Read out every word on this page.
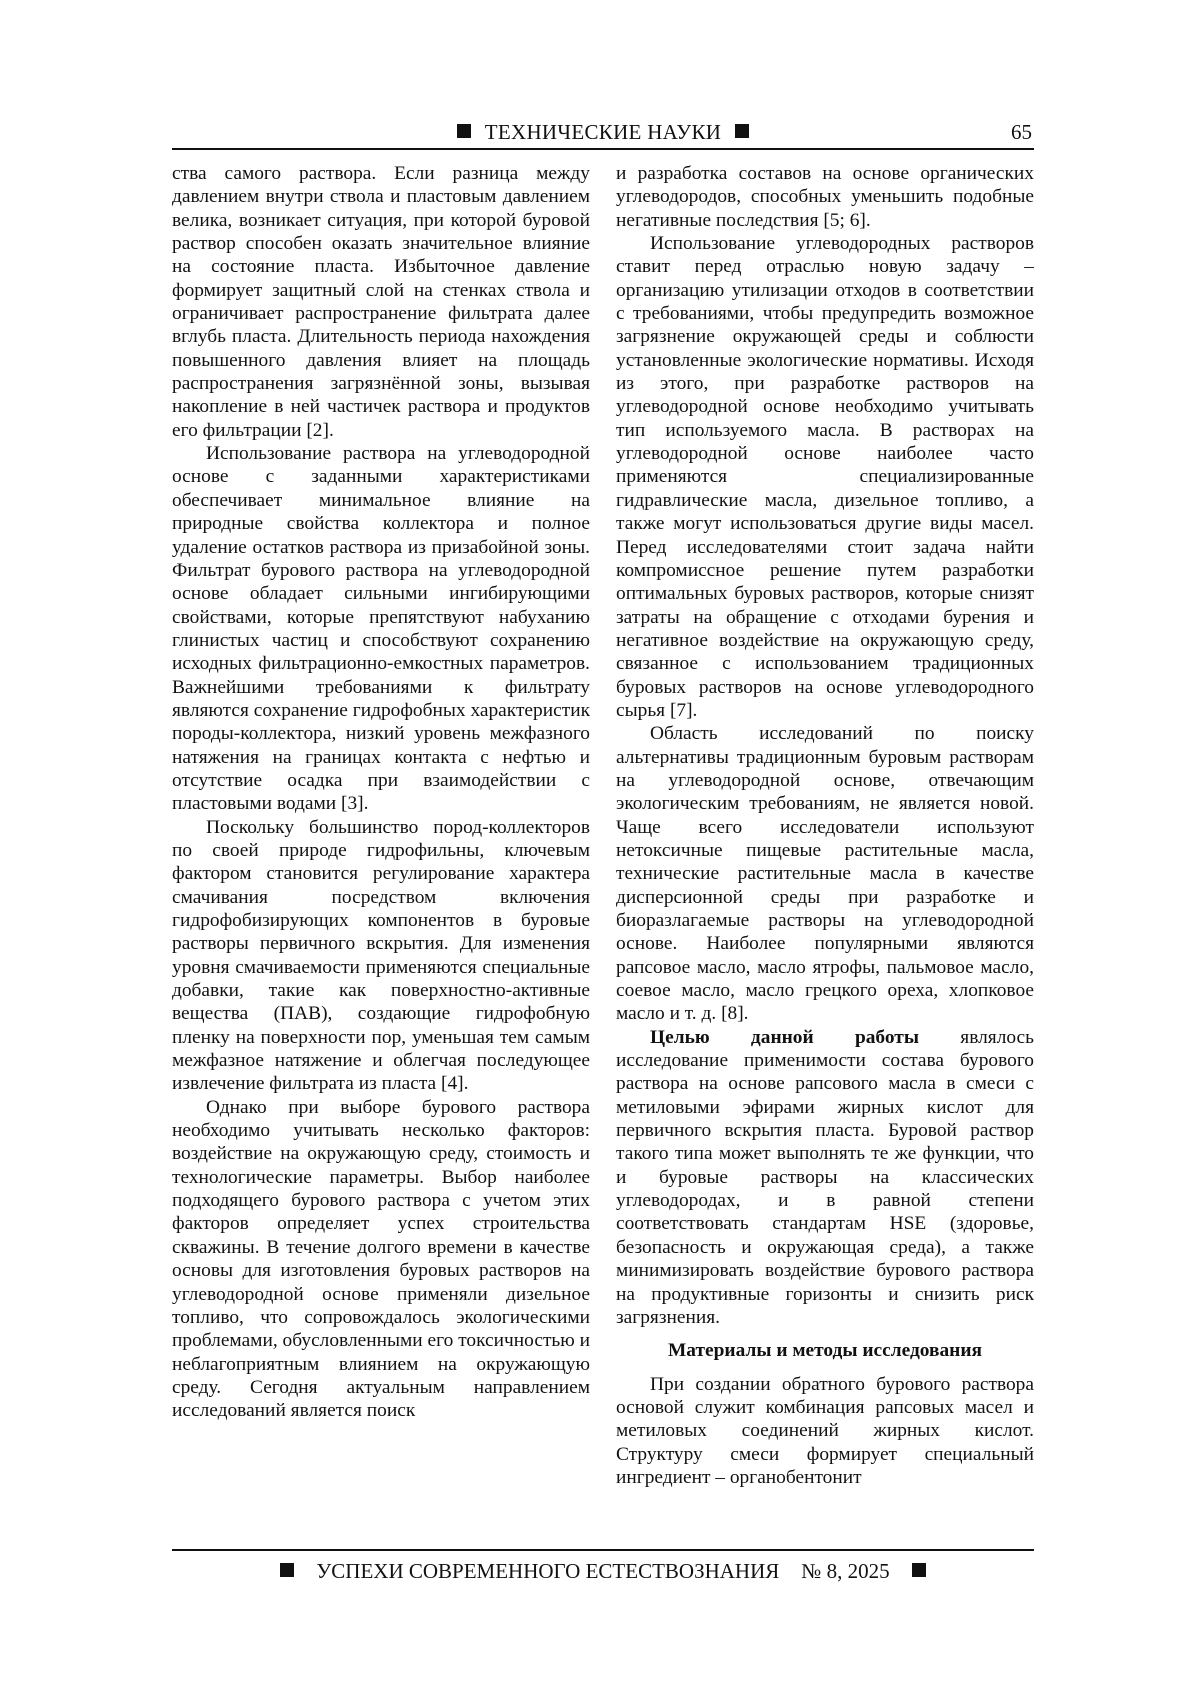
ТЕХНИЧЕСКИЕ НАУКИ	65

ства самого раствора. Если разница между давлением внутри ствола и пластовым давлением велика, возникает ситуация, при которой буровой раствор способен оказать значительное влияние на состояние пласта. Избыточное давление формирует защитный слой на стенках ствола и ограничивает распространение фильтрата далее вглубь пласта. Длительность периода нахождения повышенного давления влияет на площадь распространения загрязнённой зоны, вызывая накопление в ней частичек раствора и продуктов его фильтрации [2].

Использование раствора на углеводородной основе с заданными характеристиками обеспечивает минимальное влияние на природные свойства коллектора и полное удаление остатков раствора из призабойной зоны. Фильтрат бурового раствора на углеводородной основе обладает сильными ингибирующими свойствами, которые препятствуют набуханию глинистых частиц и способствуют сохранению исходных фильтрационно-емкостных параметров. Важнейшими требованиями к фильтрату являются сохранение гидрофобных характеристик породы-коллектора, низкий уровень межфазного натяжения на границах контакта с нефтью и отсутствие осадка при взаимодействии с пластовыми водами [3].

Поскольку большинство пород-коллекторов по своей природе гидрофильны, ключевым фактором становится регулирование характера смачивания посредством включения гидрофобизирующих компонентов в буровые растворы первичного вскрытия. Для изменения уровня смачиваемости применяются специальные добавки, такие как поверхностно-активные вещества (ПАВ), создающие гидрофобную пленку на поверхности пор, уменьшая тем самым межфазное натяжение и облегчая последующее извлечение фильтрата из пласта [4].

Однако при выборе бурового раствора необходимо учитывать несколько факторов: воздействие на окружающую среду, стоимость и технологические параметры. Выбор наиболее подходящего бурового раствора с учетом этих факторов определяет успех строительства скважины. В течение долгого времени в качестве основы для изготовления буровых растворов на углеводородной основе применяли дизельное топливо, что сопровождалось экологическими проблемами, обусловленными его токсичностью и неблагоприятным влиянием на окружающую среду. Сегодня актуальным направлением исследований является поиск

и разработка составов на основе органических углеводородов, способных уменьшить подобные негативные последствия [5; 6].

Использование углеводородных растворов ставит перед отраслью новую задачу – организацию утилизации отходов в соответствии с требованиями, чтобы предупредить возможное загрязнение окружающей среды и соблюсти установленные экологические нормативы. Исходя из этого, при разработке растворов на углеводородной основе необходимо учитывать тип используемого масла. В растворах на углеводородной основе наиболее часто применяются специализированные гидравлические масла, дизельное топливо, а также могут использоваться другие виды масел. Перед исследователями стоит задача найти компромиссное решение путем разработки оптимальных буровых растворов, которые снизят затраты на обращение с отходами бурения и негативное воздействие на окружающую среду, связанное с использованием традиционных буровых растворов на основе углеводородного сырья [7].

Область исследований по поиску альтернативы традиционным буровым растворам на углеводородной основе, отвечающим экологическим требованиям, не является новой. Чаще всего исследователи используют нетоксичные пищевые растительные масла, технические растительные масла в качестве дисперсионной среды при разработке и биоразлагаемые растворы на углеводородной основе. Наиболее популярными являются рапсовое масло, масло ятрофы, пальмовое масло, соевое масло, масло грецкого ореха, хлопковое масло и т. д. [8].

Целью данной работы являлось исследование применимости состава бурового раствора на основе рапсового масла в смеси с метиловыми эфирами жирных кислот для первичного вскрытия пласта. Буровой раствор такого типа может выполнять те же функции, что и буровые растворы на классических углеводородах, и в равной степени соответствовать стандартам HSE (здоровье, безопасность и окружающая среда), а также минимизировать воздействие бурового раствора на продуктивные горизонты и снизить риск загрязнения.

Материалы и методы исследования

При создании обратного бурового раствора основой служит комбинация рапсовых масел и метиловых соединений жирных кислот. Структуру смеси формирует специальный ингредиент – органобентонит

УСПЕХИ СОВРЕМЕННОГО ЕСТЕСТВОЗНАНИЯ № 8, 2025
